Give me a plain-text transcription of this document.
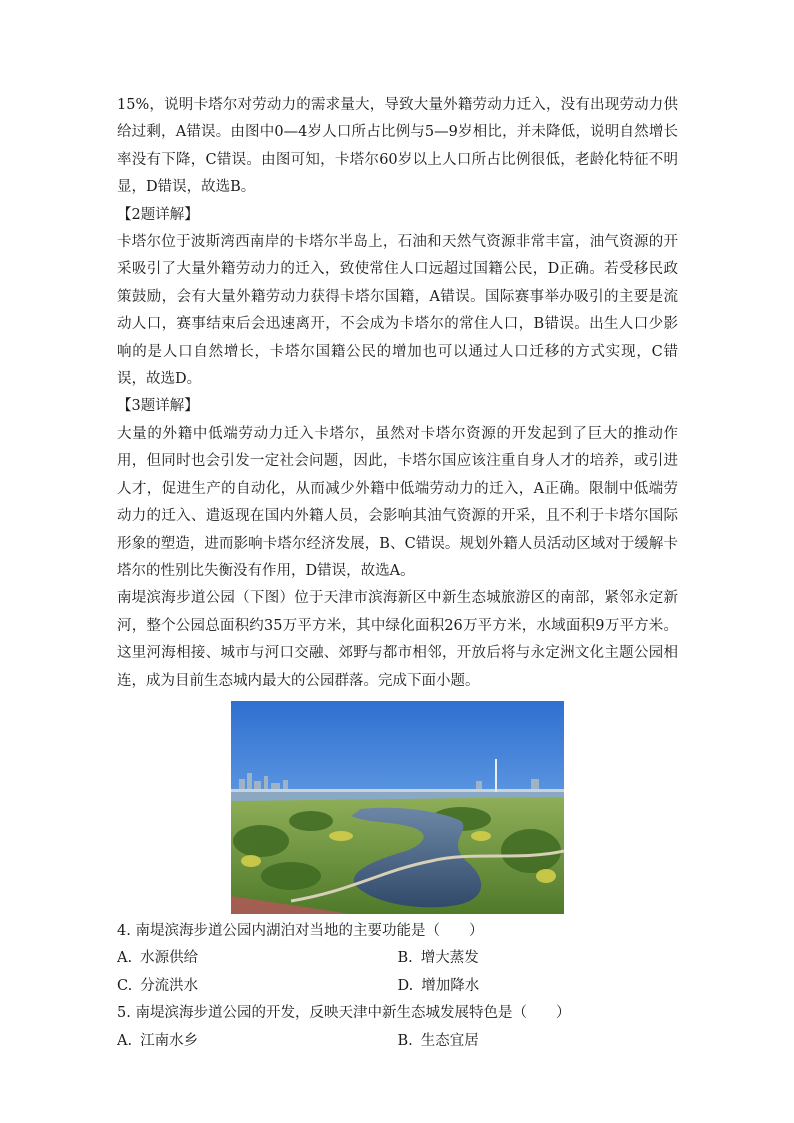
15%，说明卡塔尔对劳动力的需求量大，导致大量外籍劳动力迁入，没有出现劳动力供给过剩，A错误。由图中0—4岁人口所占比例与5—9岁相比，并未降低，说明自然增长率没有下降，C错误。由图可知，卡塔尔60岁以上人口所占比例很低，老龄化特征不明显，D错误，故选B。

【2题详解】

卡塔尔位于波斯湾西南岸的卡塔尔半岛上，石油和天然气资源非常丰富，油气资源的开采吸引了大量外籍劳动力的迁入，致使常住人口远超过国籍公民，D正确。若受移民政策鼓励，会有大量外籍劳动力获得卡塔尔国籍，A错误。国际赛事举办吸引的主要是流动人口，赛事结束后会迅速离开，不会成为卡塔尔的常住人口，B错误。出生人口少影响的是人口自然增长，卡塔尔国籍公民的增加也可以通过人口迁移的方式实现，C错误，故选D。

【3题详解】

大量的外籍中低端劳动力迁入卡塔尔，虽然对卡塔尔资源的开发起到了巨大的推动作用，但同时也会引发一定社会问题，因此，卡塔尔国应该注重自身人才的培养，或引进人才，促进生产的自动化，从而减少外籍中低端劳动力的迁入，A正确。限制中低端劳动力的迁入、遣返现在国内外籍人员，会影响其油气资源的开采，且不利于卡塔尔国际形象的塑造，进而影响卡塔尔经济发展，B、C错误。规划外籍人员活动区域对于缓解卡塔尔的性别比失衡没有作用，D错误，故选A。

南堤滨海步道公园（下图）位于天津市滨海新区中新生态城旅游区的南部，紧邻永定新河，整个公园总面积约35万平方米，其中绿化面积26万平方米，水域面积9万平方米。这里河海相接、城市与河口交融、郊野与都市相邻，开放后将与永定洲文化主题公园相连，成为目前生态城内最大的公园群落。完成下面小题。

4. 南堤滨海步道公园内湖泊对当地的主要功能是（　　）

A. 水源供给	B. 增大蒸发
C. 分流洪水	D. 增加降水

5. 南堤滨海步道公园的开发，反映天津中新生态城发展特色是（　　）

A. 江南水乡	B. 生态宜居
